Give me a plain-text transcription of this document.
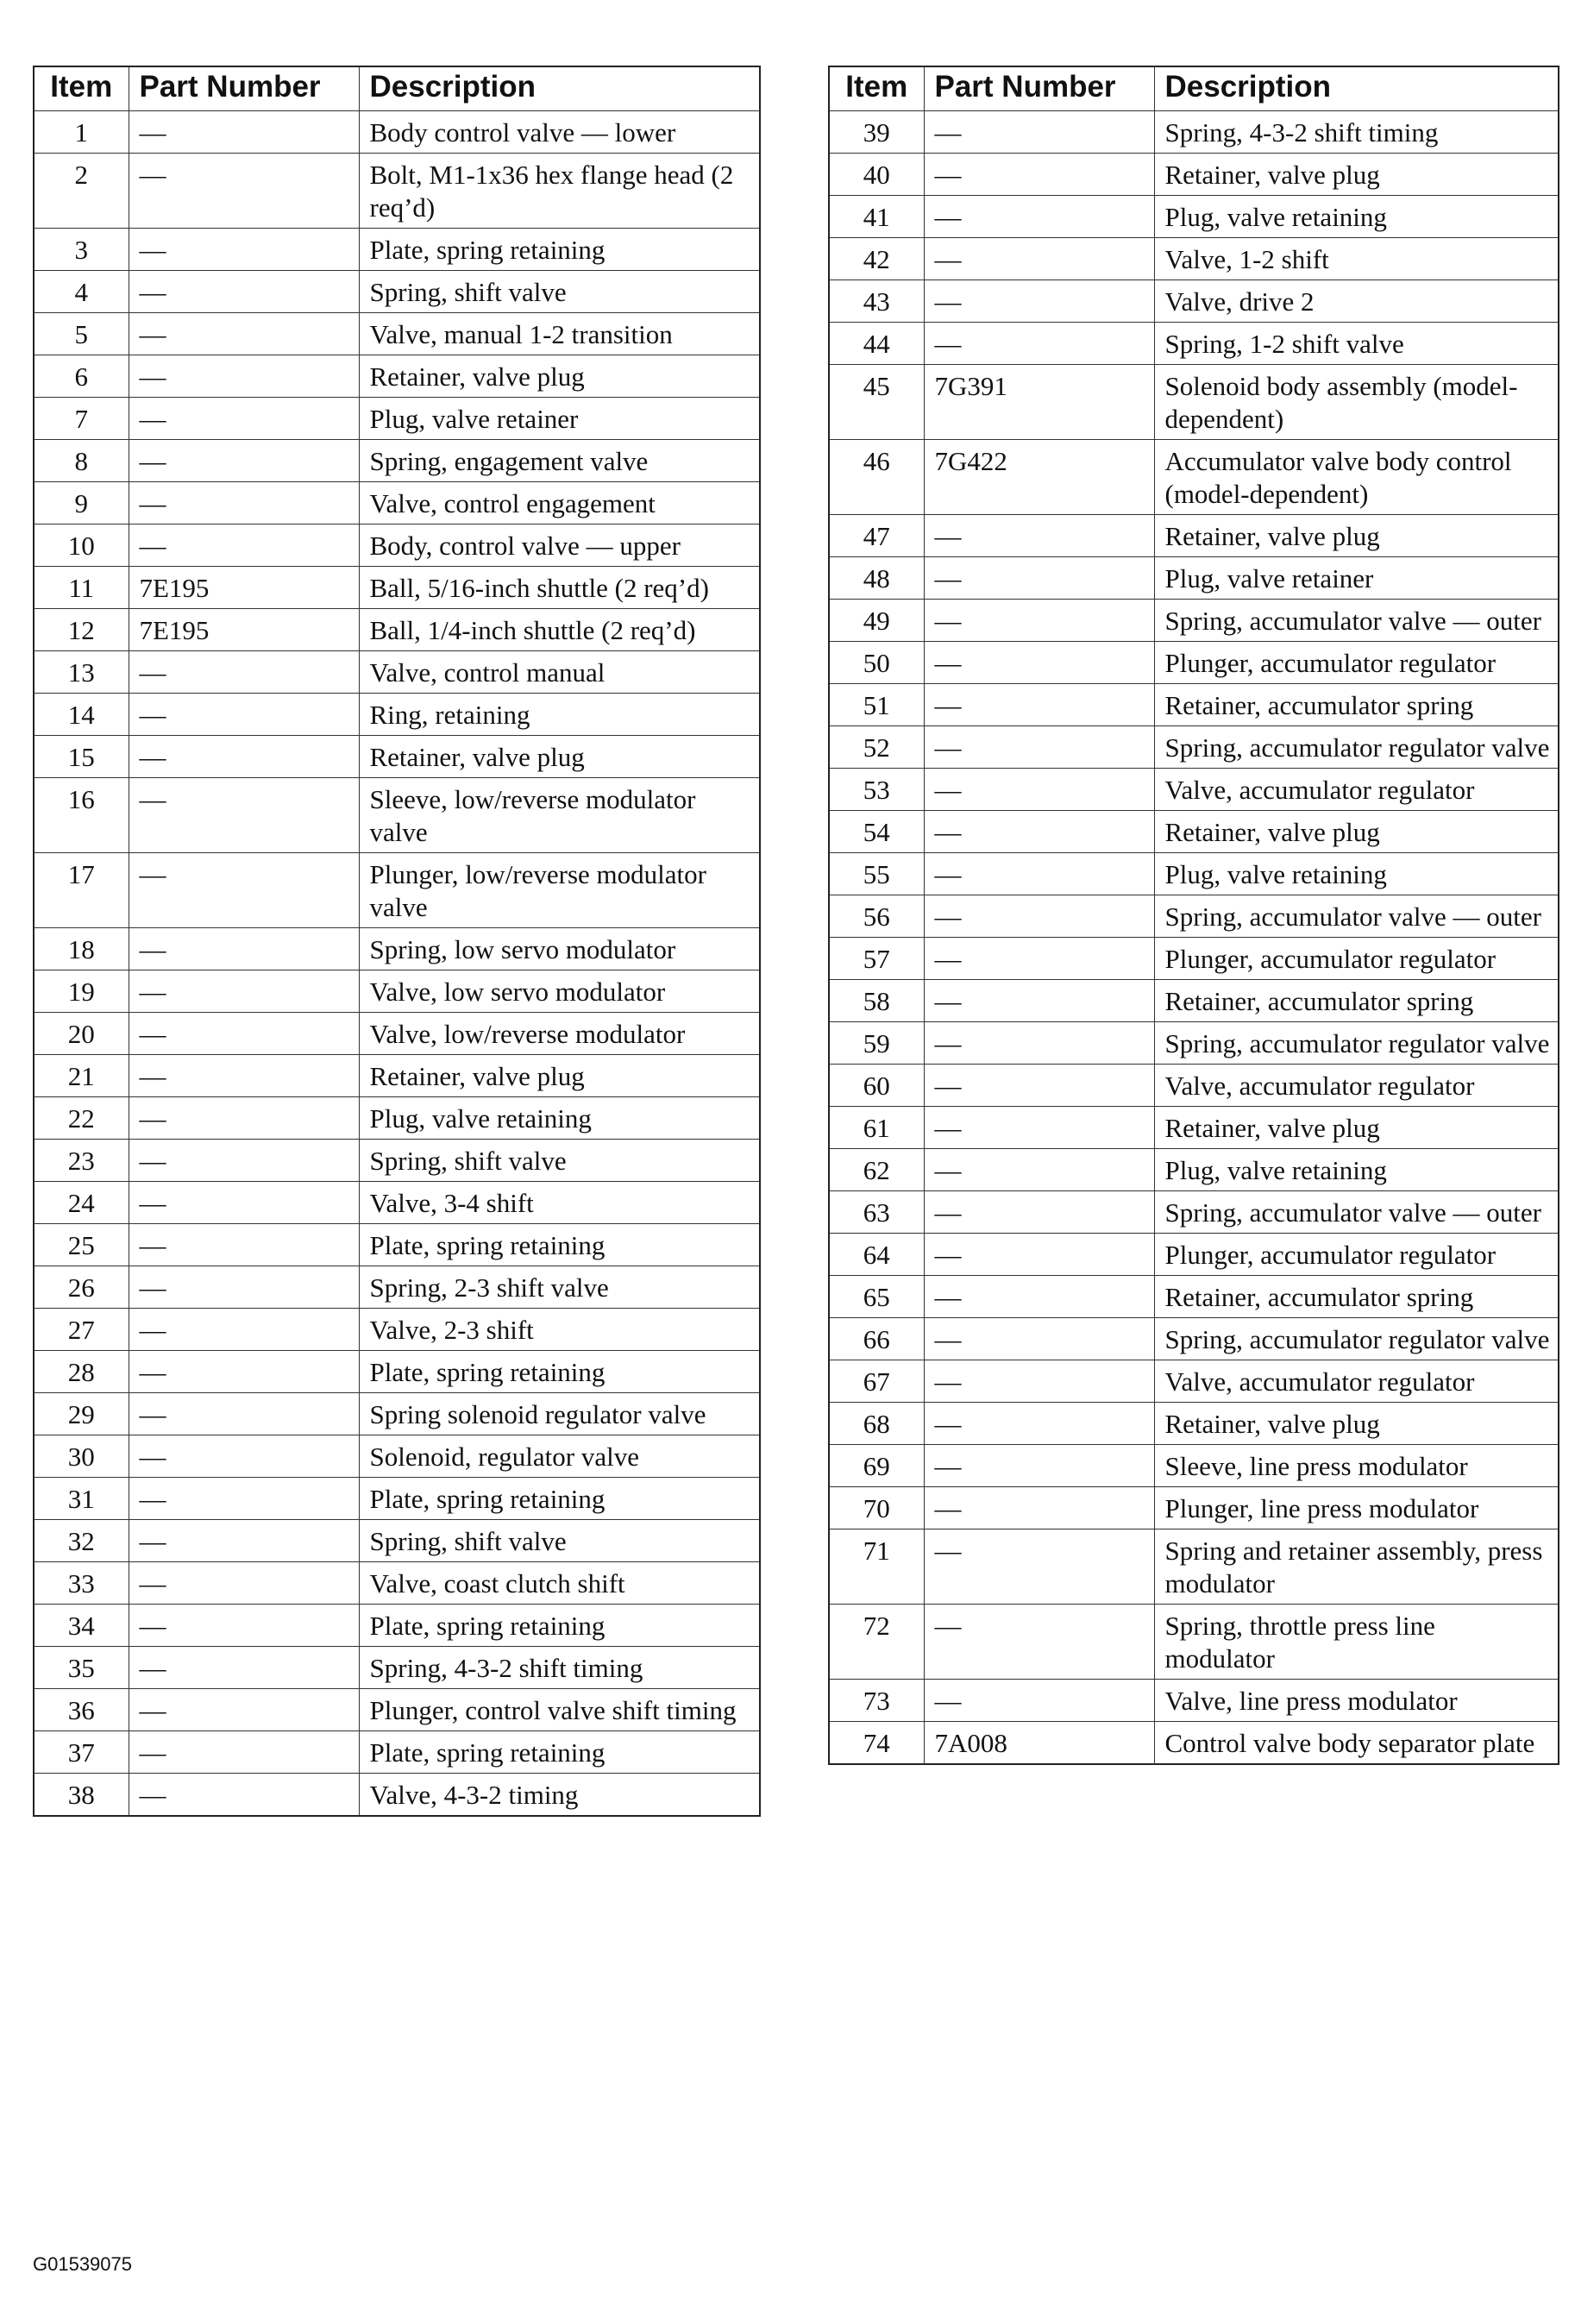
Item	Part Number	Description
1	—	Body control valve — lower
2	—	Bolt, M1-1x36 hex flange head (2 req’d)
3	—	Plate, spring retaining
4	—	Spring, shift valve
5	—	Valve, manual 1-2 transition
6	—	Retainer, valve plug
7	—	Plug, valve retainer
8	—	Spring, engagement valve
9	—	Valve, control engagement
10	—	Body, control valve — upper
11	7E195	Ball, 5/16-inch shuttle (2 req’d)
12	7E195	Ball, 1/4-inch shuttle (2 req’d)
13	—	Valve, control manual
14	—	Ring, retaining
15	—	Retainer, valve plug
16	—	Sleeve, low/reverse modulator valve
17	—	Plunger, low/reverse modulator valve
18	—	Spring, low servo modulator
19	—	Valve, low servo modulator
20	—	Valve, low/reverse modulator
21	—	Retainer, valve plug
22	—	Plug, valve retaining
23	—	Spring, shift valve
24	—	Valve, 3-4 shift
25	—	Plate, spring retaining
26	—	Spring, 2-3 shift valve
27	—	Valve, 2-3 shift
28	—	Plate, spring retaining
29	—	Spring solenoid regulator valve
30	—	Solenoid, regulator valve
31	—	Plate, spring retaining
32	—	Spring, shift valve
33	—	Valve, coast clutch shift
34	—	Plate, spring retaining
35	—	Spring, 4-3-2 shift timing
36	—	Plunger, control valve shift timing
37	—	Plate, spring retaining
38	—	Valve, 4-3-2 timing
Item	Part Number	Description
39	—	Spring, 4-3-2 shift timing
40	—	Retainer, valve plug
41	—	Plug, valve retaining
42	—	Valve, 1-2 shift
43	—	Valve, drive 2
44	—	Spring, 1-2 shift valve
45	7G391	Solenoid body assembly (model-dependent)
46	7G422	Accumulator valve body control (model-dependent)
47	—	Retainer, valve plug
48	—	Plug, valve retainer
49	—	Spring, accumulator valve — outer
50	—	Plunger, accumulator regulator
51	—	Retainer, accumulator spring
52	—	Spring, accumulator regulator valve
53	—	Valve, accumulator regulator
54	—	Retainer, valve plug
55	—	Plug, valve retaining
56	—	Spring, accumulator valve — outer
57	—	Plunger, accumulator regulator
58	—	Retainer, accumulator spring
59	—	Spring, accumulator regulator valve
60	—	Valve, accumulator regulator
61	—	Retainer, valve plug
62	—	Plug, valve retaining
63	—	Spring, accumulator valve — outer
64	—	Plunger, accumulator regulator
65	—	Retainer, accumulator spring
66	—	Spring, accumulator regulator valve
67	—	Valve, accumulator regulator
68	—	Retainer, valve plug
69	—	Sleeve, line press modulator
70	—	Plunger, line press modulator
71	—	Spring and retainer assembly, press modulator
72	—	Spring, throttle press line modulator
73	—	Valve, line press modulator
74	7A008	Control valve body separator plate
G01539075
